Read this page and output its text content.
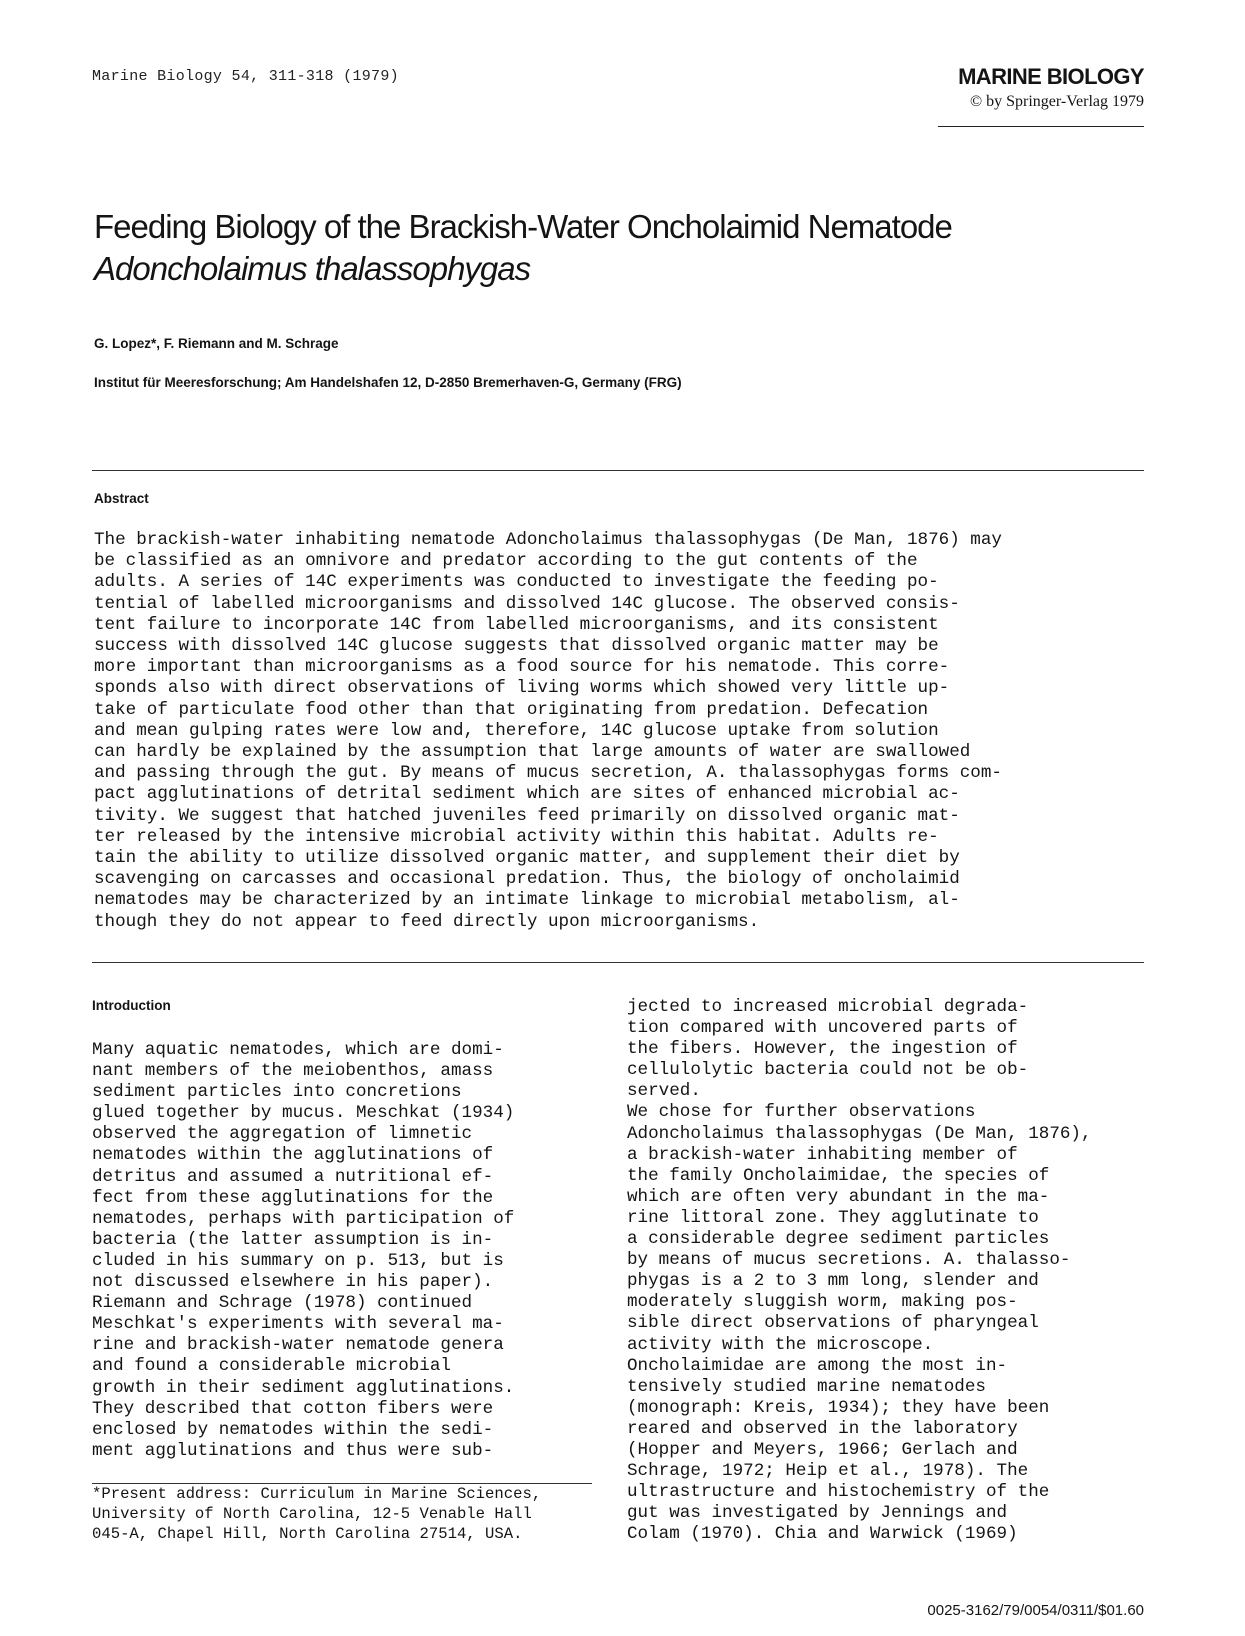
Marine Biology 54, 311-318 (1979)	MARINE BIOLOGY
© by Springer-Verlag 1979
Feeding Biology of the Brackish-Water Oncholaimid Nematode
Adoncholaimus thalassophygas

G. Lopez*, F. Riemann and M. Schrage

Institut für Meeresforschung; Am Handelshafen 12, D-2850 Bremerhaven-G, Germany (FRG)

Abstract

The brackish-water inhabiting nematode Adoncholaimus thalassophygas (De Man, 1876) may
be classified as an omnivore and predator according to the gut contents of the
adults. A series of 14C experiments was conducted to investigate the feeding po-
tential of labelled microorganisms and dissolved 14C glucose. The observed consis-
tent failure to incorporate 14C from labelled microorganisms, and its consistent
success with dissolved 14C glucose suggests that dissolved organic matter may be
more important than microorganisms as a food source for his nematode. This corre-
sponds also with direct observations of living worms which showed very little up-
take of particulate food other than that originating from predation. Defecation
and mean gulping rates were low and, therefore, 14C glucose uptake from solution
can hardly be explained by the assumption that large amounts of water are swallowed
and passing through the gut. By means of mucus secretion, A. thalassophygas forms com-
pact agglutinations of detrital sediment which are sites of enhanced microbial ac-
tivity. We suggest that hatched juveniles feed primarily on dissolved organic mat-
ter released by the intensive microbial activity within this habitat. Adults re-
tain the ability to utilize dissolved organic matter, and supplement their diet by
scavenging on carcasses and occasional predation. Thus, the biology of oncholaimid
nematodes may be characterized by an intimate linkage to microbial metabolism, al-
though they do not appear to feed directly upon microorganisms.

Introduction

Many aquatic nematodes, which are domi-
nant members of the meiobenthos, amass
sediment particles into concretions
glued together by mucus. Meschkat (1934)
observed the aggregation of limnetic
nematodes within the agglutinations of
detritus and assumed a nutritional ef-
fect from these agglutinations for the
nematodes, perhaps with participation of
bacteria (the latter assumption is in-
cluded in his summary on p. 513, but is
not discussed elsewhere in his paper).
Riemann and Schrage (1978) continued
Meschkat's experiments with several ma-
rine and brackish-water nematode genera
and found a considerable microbial
growth in their sediment agglutinations.
They described that cotton fibers were
enclosed by nematodes within the sedi-
ment agglutinations and thus were sub-

jected to increased microbial degrada-
tion compared with uncovered parts of
the fibers. However, the ingestion of
cellulolytic bacteria could not be ob-
served.
We chose for further observations
Adoncholaimus thalassophygas (De Man, 1876),
a brackish-water inhabiting member of
the family Oncholaimidae, the species of
which are often very abundant in the ma-
rine littoral zone. They agglutinate to
a considerable degree sediment particles
by means of mucus secretions. A. thalasso-
phygas is a 2 to 3 mm long, slender and
moderately sluggish worm, making pos-
sible direct observations of pharyngeal
activity with the microscope.
Oncholaimidae are among the most in-
tensively studied marine nematodes
(monograph: Kreis, 1934); they have been
reared and observed in the laboratory
(Hopper and Meyers, 1966; Gerlach and
Schrage, 1972; Heip et al., 1978). The
ultrastructure and histochemistry of the
gut was investigated by Jennings and
Colam (1970). Chia and Warwick (1969)

*Present address: Curriculum in Marine Sciences,
University of North Carolina, 12-5 Venable Hall
045-A, Chapel Hill, North Carolina 27514, USA.

0025-3162/79/0054/0311/$01.60
